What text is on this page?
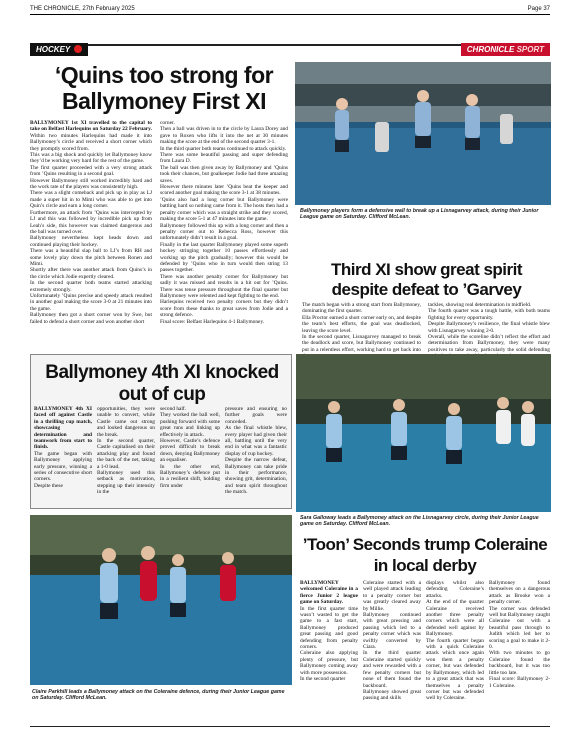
THE CHRONICLE, 27th February 2025	Page 37
HOCKEY	CHRONICLE SPORT
‘Quins too strong for Ballymoney First XI

BALLYMONEY 1st XI travelled to the capital to take on Belfast Harlequins on Saturday 22 February.

Within two minutes Harlequins had made it into Ballymoney’s circle and received a short corner which they promptly scored from.

This was a big shock and quickly let Ballymoney know they’d be working very hard for the rest of the game.

The first quarter proceeded with a very strong attack from ’Quins resulting in a second goal.

However Ballymoney still worked incredibly hard and the work rate of the players was consistently high.

There was a slight comeback and pick up in play as LJ made a super hit in to Mimi who was able to get into Quin’s circle and earn a long corner.

Furthermore, an attack from ’Quins was intercepted by LJ and this was followed by incredible pick up from Leah’s side, this however was claimed dangerous and the ball was turned over.

Ballymoney nevertheless kept heads down and continued playing their hockey.

There was a beautiful slap ball to LJ’s from RH and some lovely play down the pitch between Ronen and Mimi.

Shortly after there was another attack from Quins’s in the circle which Jodie expertly cleared.

In the second quarter both teams started attacking extremely strongly.

Unfortunately ’Quins precise and speedy attack resulted in another goal making the score 3-0 at 21 minutes into the game.

Ballymoney then got a short corner won by Swe, but failed to defend a short corner and won another short

corner.

Then a ball was driven in to the circle by Laura Dorey and gave to Roxen who lifts it into the net at 30 minutes making the score at the end of the second quarter 3-1.

In the third quarter both teams continued to attack quickly.

There was some beautiful passing and super defending from Laura D.

The ball was then given away by Ballymoney and ’Quins took their chances, but goalkeeper Jodie had three amazing saves.

However there minutes later ’Quins beat the keeper and scored another goal making the score 3-1 at 38 minutes.

’Quins also had a long corner but Ballymoney were battling hard so nothing came from it. The hosts then had a penalty corner which was a straight strike and they scored, making the score 5-1 at 47 minutes into the game.

Ballymoney followed this up with a long corner and then a penalty corner out to Rebecca Ross, however this unfortunately didn’t result in a goal.

Finally in the last quarter Ballymoney played some superb hockey stringing together 10 passes effortlessly and working up the pitch gradually; however this would be defended by ’Quins who in turn would then string 13 passes together.

There was another penalty corner for Ballymoney but sadly it was missed and results in a hit out for ’Quins. There was tense pressure throughout the final quarter but Ballymoney were relented and kept fighting to the end.

Harlequins received two penalty corners but they didn’t score from these thanks to great saves from Jodie and a strong defence.

Final score: Belfast Harlequins 4-1 Ballymoney.

Ballymoney players form a defensive wall to break up a Lisnagarvey attack, during their Junior League game on Saturday. Clifford McLean.

Third XI show great spirit despite defeat to ’Garvey

The match began with a strong start from Ballymoney, dominating the first quarter.

Ella Proctor earned a short corner early on, and despite the team’s best efforts, the goal was deadlocked, leaving the score level.

In the second quarter, Lisnagarvey managed to break the deadlock and score, but Ballymoney continued to put in a relentless effort, working hard to get back into

tackles, showing real determination in midfield.

The fourth quarter was a tough battle, with both teams fighting for every opportunity.

Despite Ballymoney’s resilience, the final whistle blew with Lisnagarvey winning 2-0.

Overall, while the scoreline didn’t reflect the effort and determination from Ballymoney, they were many positives to take away, particularly the solid defending

Ballymoney 4th XI knocked out of cup

BALLYMONEY 4th XI faced off against Castle in a thrilling cup match, showcasing determination and teamwork from start to finish.

The game began with Ballymoney applying early pressure, winning a series of consecutive short corners.

Despite these

opportunities, they were unable to convert, while Castle came out strong and looked dangerous on the break.

In the second quarter, Castle capitalised on their attacking play and found the back of the net, taking a 1-0 lead.

Ballymoney used this setback as motivation, stepping up their intensity in the

second half.

They worked the ball well, pushing forward with some great runs and linking up effectively in attack.

However, Castle’s defence proved difficult to break down, denying Ballymoney an equaliser.

In the other end, Ballymoney’s defence put in a resilient shift, holding firm under

pressure and ensuring no further goals were conceded.

As the final whistle blew, every player had given their all, battling until the very end in what was a fantastic display of cup hockey.

Despite the narrow defeat, Ballymoney can take pride in their performance, showing grit, determination, and team spirit throughout the match.

Sara Galloway leads a Ballymoney attack on the Lisnagarvey circle, during their Junior League game on Saturday. Clifford McLean.

Claire Parkhill leads a Ballymoney attack on the Coleraine defence, during their Junior League game on Saturday. Clifford McLean.

’Toon’ Seconds trump Coleraine in local derby

BALLYMONEY welcomed Coleraine in a fierce Junior 2 league game on Saturday.

In the first quarter time wasn’t wasted to get the game to a fast start, Ballymoney produced great passing and good defending from penalty corners.

Coleraine also applying plenty of pressure, but Ballymoney coming away with more possession.

In the second quarter

Coleraine started with a well played attack leading to a penalty corner but was greatly cleared away by Millie.

Ballymoney continued with great pressing and passing which led to a penalty corner which was swiftly converted by Ciara.

In the third quarter Coleraine started quickly and were rewarded with a few penalty corners but none of them found the backboard.

Ballymoney showed great passing and skills

displays whilst also defending Coleraine’s attacks.

At the end of the quarter Coleraine received another three penalty corners which were all defended well against by Ballymoney.

The fourth quarter began with a quick Coleraine attack which once again won them a penalty corner, but was defended by Ballymoney, which led to a great attack that was themselves a penalty corner but was defended well by Coleraine.

Ballymoney found themselves on a dangerous attack as Brooke won a penalty corner.

The corner was defended well but Ballymoney caught Coleraine out with a beautiful pass through to Judith which led her to scoring a goal to make it 2-0.

With two minutes to go Coleraine found the backboard, but it was too little too late.

Final score: Ballymoney 2-1 Coleraine.
